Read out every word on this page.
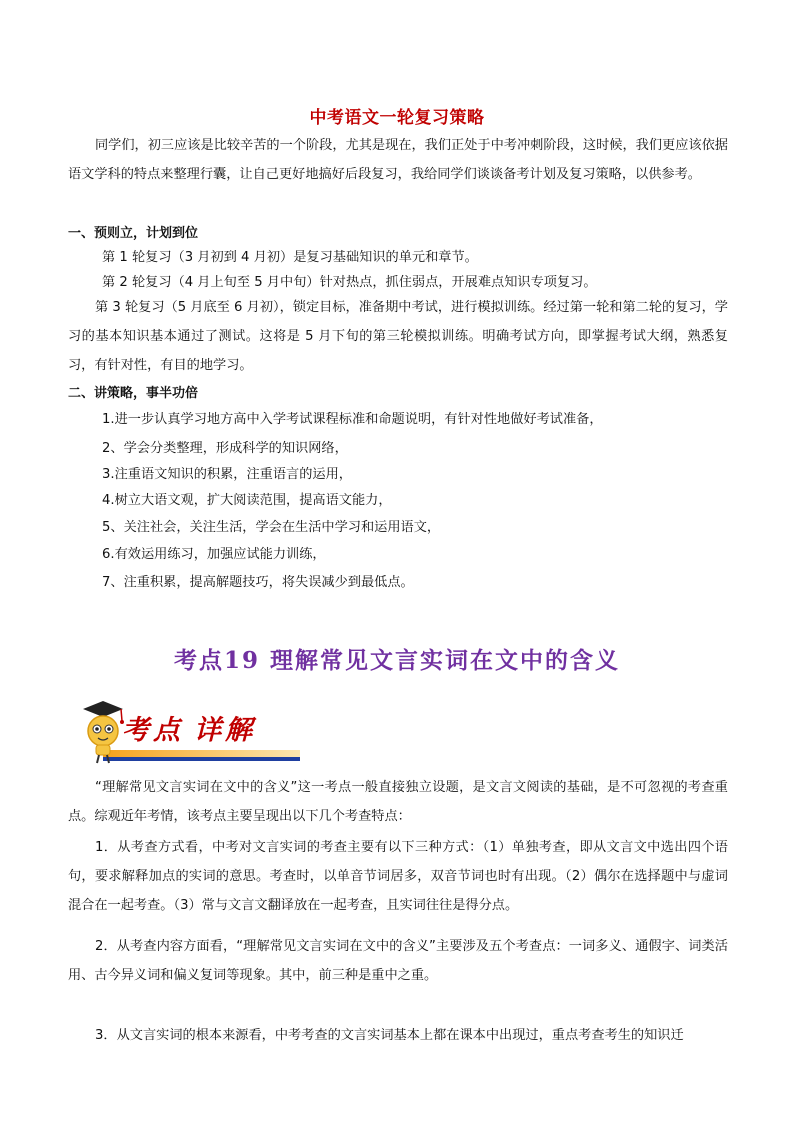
中考语文一轮复习策略

同学们，初三应该是比较辛苦的一个阶段，尤其是现在，我们正处于中考冲刺阶段，这时候，我们更应该依据语文学科的特点来整理行囊，让自己更好地搞好后段复习，我给同学们谈谈备考计划及复习策略，以供参考。

一、预则立，计划到位

第 1 轮复习（3 月初到 4 月初）是复习基础知识的单元和章节。

第 2 轮复习（4 月上旬至 5 月中旬）针对热点，抓住弱点，开展难点知识专项复习。

第 3 轮复习（5 月底至 6 月初），锁定目标，准备期中考试，进行模拟训练。经过第一轮和第二轮的复习，学习的基本知识基本通过了测试。这将是 5 月下旬的第三轮模拟训练。明确考试方向，即掌握考试大纲，熟悉复习，有针对性，有目的地学习。

二、讲策略，事半功倍

1.进一步认真学习地方高中入学考试课程标准和命题说明，有针对性地做好考试准备，

2、学会分类整理，形成科学的知识网络，

3.注重语文知识的积累，注重语言的运用，

4.树立大语文观，扩大阅读范围，提高语文能力，

5、关注社会，关注生活，学会在生活中学习和运用语文，

6.有效运用练习，加强应试能力训练，

7、注重积累，提高解题技巧，将失误减少到最低点。

考点19 理解常见文言实词在文中的含义
考点 详解

“理解常见文言实词在文中的含义”这一考点一般直接独立设题，是文言文阅读的基础，是不可忽视的考查重点。综观近年考情，该考点主要呈现出以下几个考查特点：

1．从考查方式看，中考对文言实词的考查主要有以下三种方式：（1）单独考查，即从文言文中选出四个语句，要求解释加点的实词的意思。考查时，以单音节词居多，双音节词也时有出现。（2）偶尔在选择题中与虚词混合在一起考查。（3）常与文言文翻译放在一起考查，且实词往往是得分点。

2．从考查内容方面看，“理解常见文言实词在文中的含义”主要涉及五个考查点：一词多义、通假字、词类活用、古今异义词和偏义复词等现象。其中，前三种是重中之重。

3．从文言实词的根本来源看，中考考查的文言实词基本上都在课本中出现过，重点考查考生的知识迁
